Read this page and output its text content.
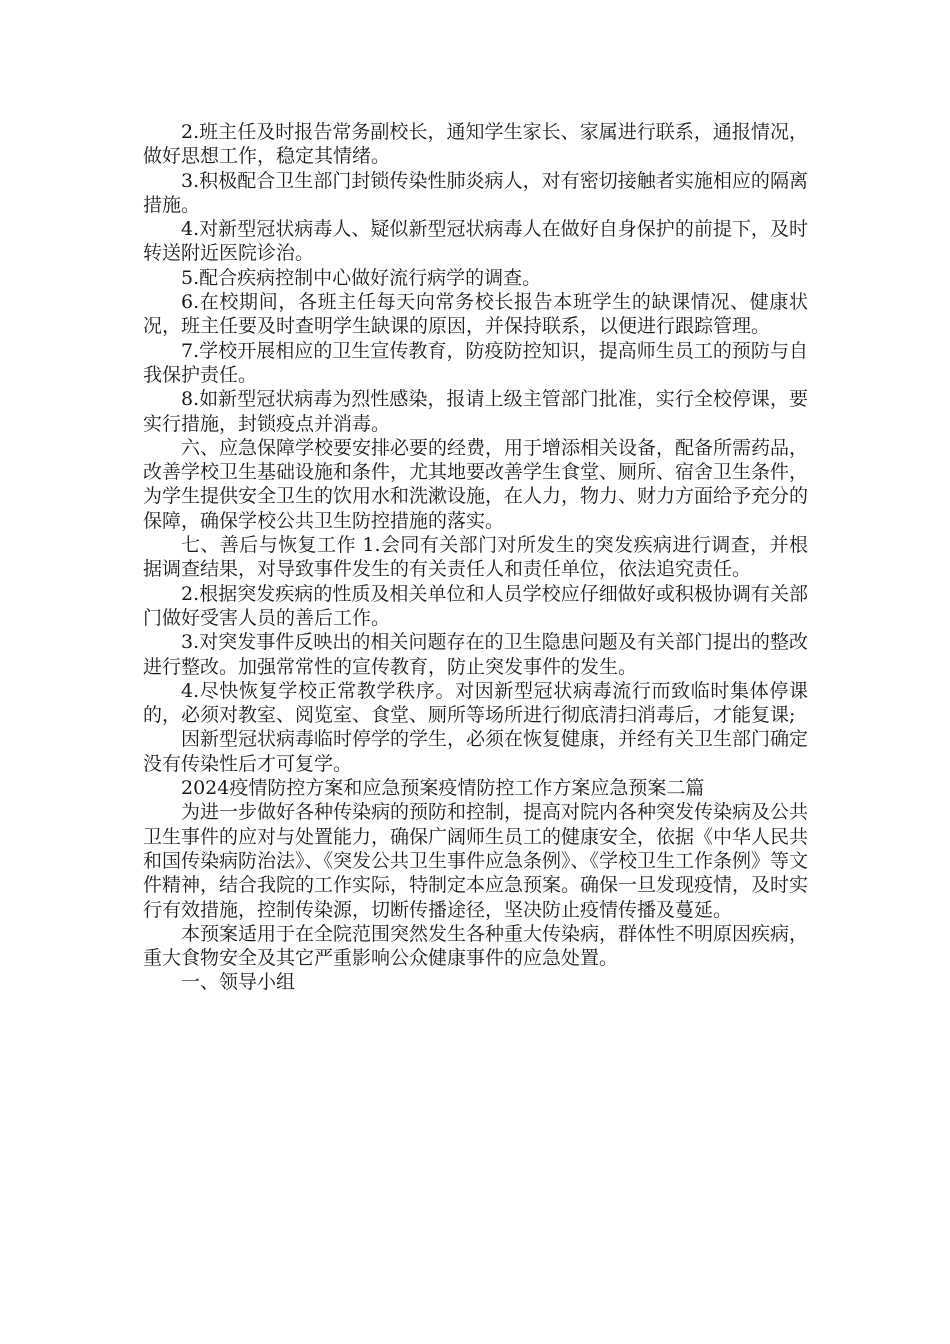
2.班主任及时报告常务副校长，通知学生家长、家属进行联系，通报情况，做好思想工作，稳定其情绪。

3.积极配合卫生部门封锁传染性肺炎病人，对有密切接触者实施相应的隔离措施。

4.对新型冠状病毒人、疑似新型冠状病毒人在做好自身保护的前提下，及时转送附近医院诊治。

5.配合疾病控制中心做好流行病学的调查。

6.在校期间，各班主任每天向常务校长报告本班学生的缺课情况、健康状况，班主任要及时查明学生缺课的原因，并保持联系，以便进行跟踪管理。

7.学校开展相应的卫生宣传教育，防疫防控知识，提高师生员工的预防与自我保护责任。

8.如新型冠状病毒为烈性感染，报请上级主管部门批准，实行全校停课，要实行措施，封锁疫点并消毒。

六、应急保障学校要安排必要的经费，用于增添相关设备，配备所需药品，改善学校卫生基础设施和条件，尤其地要改善学生食堂、厕所、宿舍卫生条件，为学生提供安全卫生的饮用水和洗漱设施，在人力，物力、财力方面给予充分的保障，确保学校公共卫生防控措施的落实。

七、善后与恢复工作 1.会同有关部门对所发生的突发疾病进行调查，并根据调查结果，对导致事件发生的有关责任人和责任单位，依法追究责任。

2.根据突发疾病的性质及相关单位和人员学校应仔细做好或积极协调有关部门做好受害人员的善后工作。

3.对突发事件反映出的相关问题存在的卫生隐患问题及有关部门提出的整改进行整改。加强常常性的宣传教育，防止突发事件的发生。

4.尽快恢复学校正常教学秩序。对因新型冠状病毒流行而致临时集体停课的，必须对教室、阅览室、食堂、厕所等场所进行彻底清扫消毒后，才能复课;

因新型冠状病毒临时停学的学生，必须在恢复健康，并经有关卫生部门确定没有传染性后才可复学。

2024疫情防控方案和应急预案疫情防控工作方案应急预案二篇

为进一步做好各种传染病的预防和控制，提高对院内各种突发传染病及公共卫生事件的应对与处置能力，确保广阔师生员工的健康安全，依据《中华人民共和国传染病防治法》、《突发公共卫生事件应急条例》、《学校卫生工作条例》等文件精神，结合我院的工作实际，特制定本应急预案。确保一旦发现疫情，及时实行有效措施，控制传染源，切断传播途径，坚决防止疫情传播及蔓延。

本预案适用于在全院范围突然发生各种重大传染病，群体性不明原因疾病，重大食物安全及其它严重影响公众健康事件的应急处置。

一、领导小组
